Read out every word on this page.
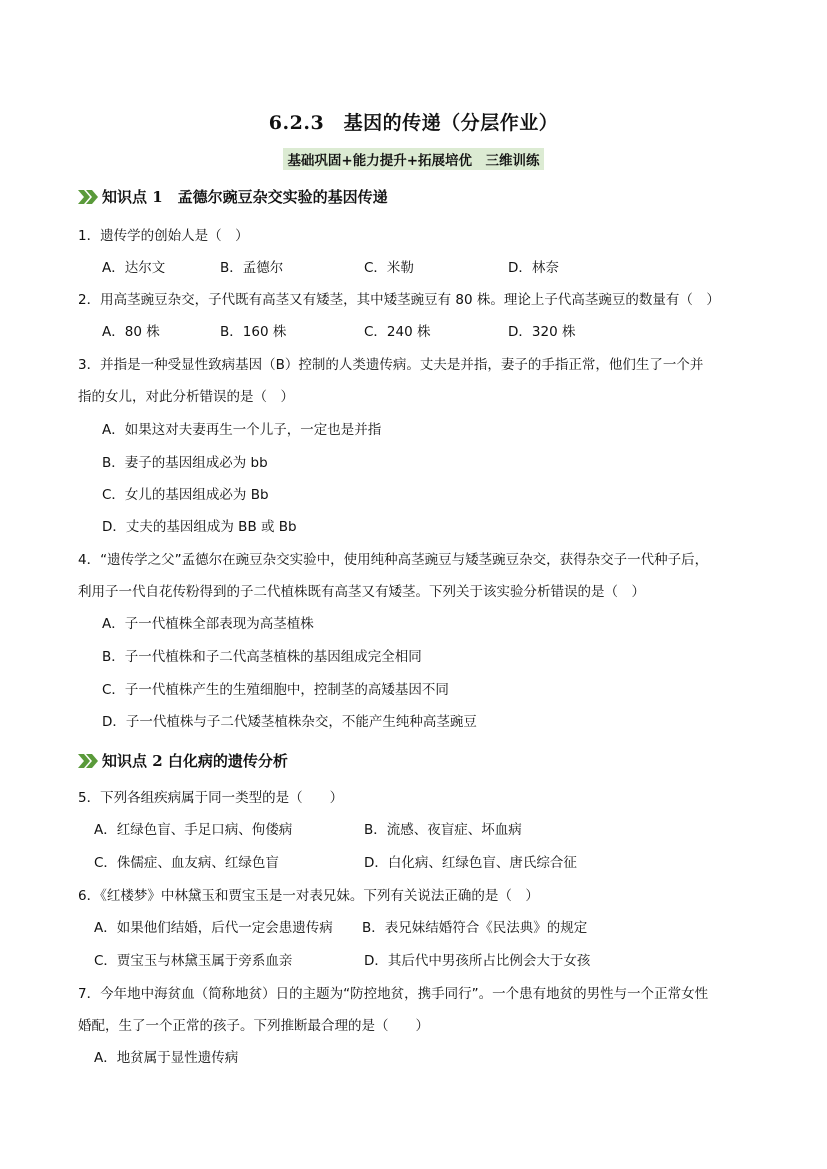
6.2.3　基因的传递（分层作业）
基础巩固+能力提升+拓展培优　三维训练
知识点 1　孟德尔豌豆杂交实验的基因传递
1．遗传学的创始人是（　）
A．达尔文	B．孟德尔	C．米勒	D．林奈
2．用高茎豌豆杂交，子代既有高茎又有矮茎，其中矮茎豌豆有 80 株。理论上子代高茎豌豆的数量有（　）
A．80 株	B．160 株	C．240 株	D．320 株
3．并指是一种受显性致病基因（B）控制的人类遗传病。丈夫是并指，妻子的手指正常，他们生了一个并
指的女儿，对此分析错误的是（　）
A．如果这对夫妻再生一个儿子，一定也是并指
B．妻子的基因组成必为 bb
C．女儿的基因组成必为 Bb
D．丈夫的基因组成为 BB 或 Bb
4．“遗传学之父”孟德尔在豌豆杂交实验中，使用纯种高茎豌豆与矮茎豌豆杂交，获得杂交子一代种子后，
利用子一代自花传粉得到的子二代植株既有高茎又有矮茎。下列关于该实验分析错误的是（　）
A．子一代植株全部表现为高茎植株
B．子一代植株和子二代高茎植株的基因组成完全相同
C．子一代植株产生的生殖细胞中，控制茎的高矮基因不同
D．子一代植株与子二代矮茎植株杂交，不能产生纯种高茎豌豆
知识点 2 白化病的遗传分析
5．下列各组疾病属于同一类型的是（　　）
A．红绿色盲、手足口病、佝偻病	B．流感、夜盲症、坏血病
C．侏儒症、血友病、红绿色盲	D．白化病、红绿色盲、唐氏综合征
6．《红楼梦》中林黛玉和贾宝玉是一对表兄妹。下列有关说法正确的是（　）
A．如果他们结婚，后代一定会患遗传病 B．表兄妹结婚符合《民法典》的规定
C．贾宝玉与林黛玉属于旁系血亲	D．其后代中男孩所占比例会大于女孩
7．今年地中海贫血（简称地贫）日的主题为“防控地贫，携手同行”。一个患有地贫的男性与一个正常女性
婚配，生了一个正常的孩子。下列推断最合理的是（　　）
A．地贫属于显性遗传病
